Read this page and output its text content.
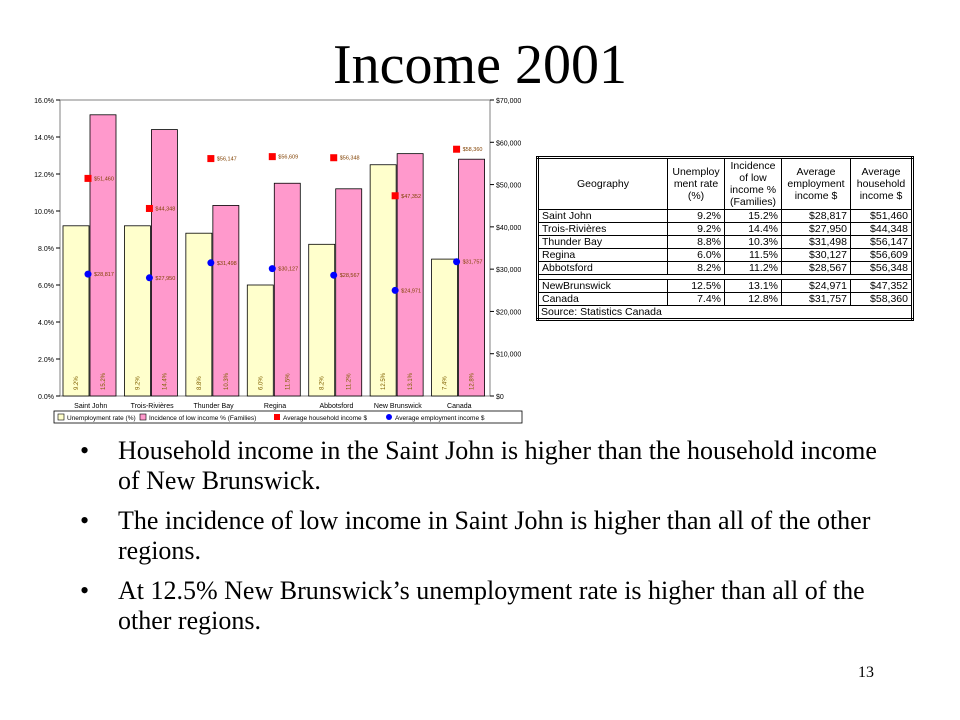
Income 2001
0.0%
2.0%
4.0%
6.0%
8.0%
10.0%
12.0%
14.0%
16.0%
$0
$10,000
$20,000
$30,000
$40,000
$50,000
$60,000
$70,000
9.2%	15.2%
Saint John
$51,460
$28,817
9.2%	14.4%
Trois-Rivières
$44,348
$27,950
8.8%	10.3%
Thunder Bay
$56,147
$31,498
6.0%	11.5%
Regina
$56,609
$30,127
8.2%	11.2%
Abbotsford
$56,348
$28,567
12.5%	13.1%
New Brunswick
$47,352
$24,971
7.4%	12.8%
Canada
$58,360
$31,757
Unemployment rate (%) Incidence of low income % (Families)	Average household income $	Average employment income $
Geography	Unemploy ment rate (%)	Incidence of low income % (Families)	Average employment income $	Average household income $
Saint John	9.2%	15.2%	$28,817	$51,460
Trois-Rivières	9.2%	14.4%	$27,950	$44,348
Thunder Bay	8.8%	10.3%	$31,498	$56,147
Regina	6.0%	11.5%	$30,127	$56,609
Abbotsford	8.2%	11.2%	$28,567	$56,348

NewBrunswick	12.5%	13.1%	$24,971	$47,352
Canada	7.4%	12.8%	$31,757	$58,360
Source: Statistics Canada				
• Household income in the Saint John is higher than the household income of New Brunswick.
• The incidence of low income in Saint John is higher than all of the other regions.
• At 12.5% New Brunswick’s unemployment rate is higher than all of the other regions.
13
